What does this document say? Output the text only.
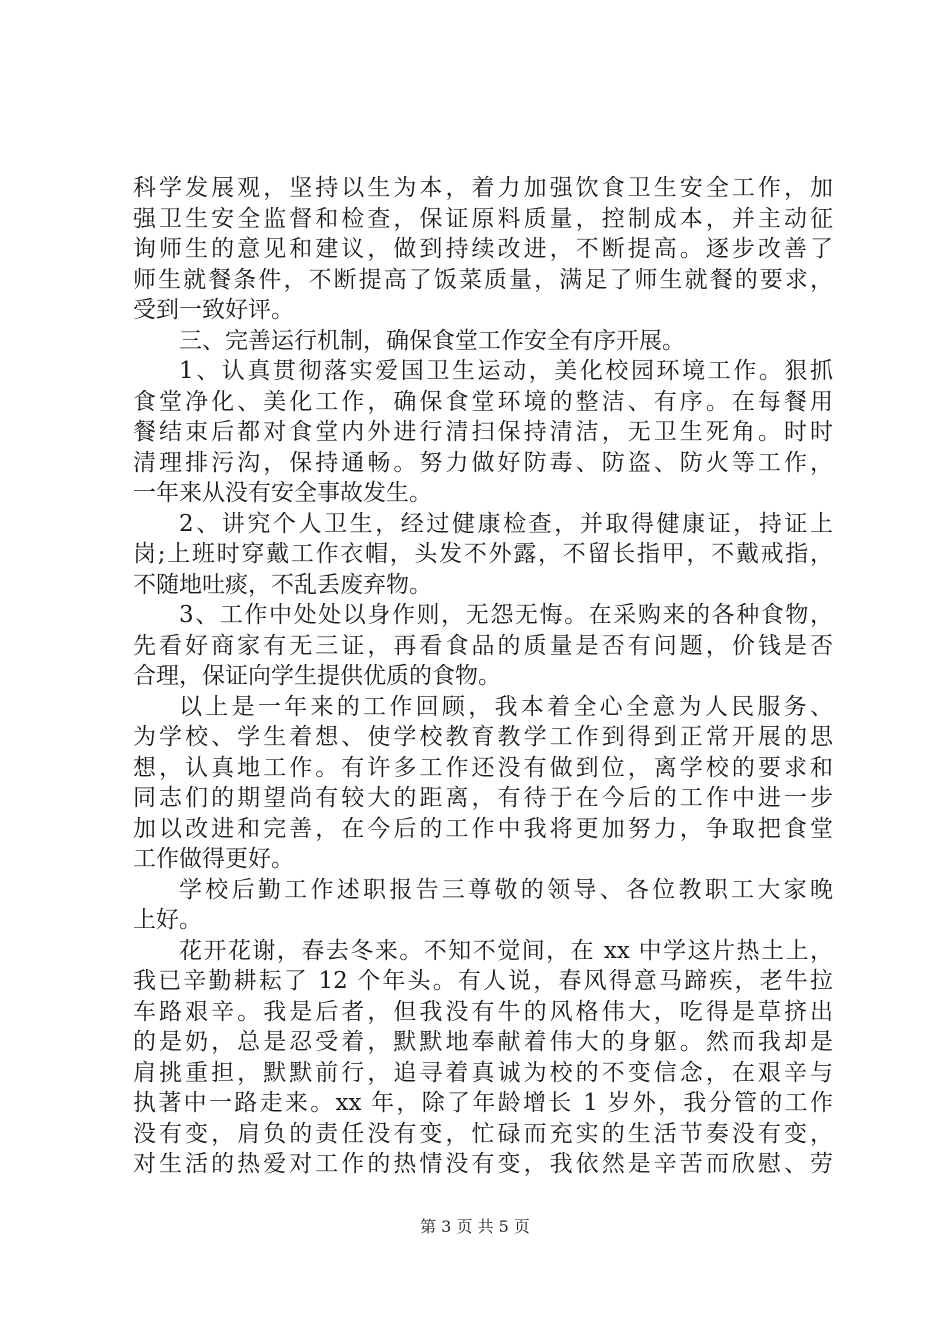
科学发展观，坚持以生为本，着力加强饮食卫生安全工作，加
强卫生安全监督和检查，保证原料质量，控制成本，并主动征
询师生的意见和建议，做到持续改进，不断提高。逐步改善了
师生就餐条件，不断提高了饭菜质量，满足了师生就餐的要求，
受到一致好评。
三、完善运行机制，确保食堂工作安全有序开展。
1、认真贯彻落实爱国卫生运动，美化校园环境工作。狠抓
食堂净化、美化工作，确保食堂环境的整洁、有序。在每餐用
餐结束后都对食堂内外进行清扫保持清洁，无卫生死角。时时
清理排污沟，保持通畅。努力做好防毒、防盗、防火等工作，
一年来从没有安全事故发生。
2、讲究个人卫生，经过健康检查，并取得健康证，持证上
岗;上班时穿戴工作衣帽，头发不外露，不留长指甲，不戴戒指，
不随地吐痰，不乱丢废弃物。
3、工作中处处以身作则，无怨无悔。在采购来的各种食物，
先看好商家有无三证，再看食品的质量是否有问题，价钱是否
合理，保证向学生提供优质的食物。
以上是一年来的工作回顾，我本着全心全意为人民服务、
为学校、学生着想、使学校教育教学工作到得到正常开展的思
想，认真地工作。有许多工作还没有做到位，离学校的要求和
同志们的期望尚有较大的距离，有待于在今后的工作中进一步
加以改进和完善，在今后的工作中我将更加努力，争取把食堂
工作做得更好。
学校后勤工作述职报告三尊敬的领导、各位教职工大家晚
上好。
花开花谢，春去冬来。不知不觉间，在 xx 中学这片热土上，
我已辛勤耕耘了 12 个年头。有人说，春风得意马蹄疾，老牛拉
车路艰辛。我是后者，但我没有牛的风格伟大，吃得是草挤出
的是奶，总是忍受着，默默地奉献着伟大的身躯。然而我却是
肩挑重担，默默前行，追寻着真诚为校的不变信念，在艰辛与
执著中一路走来。xx 年，除了年龄增长 1 岁外，我分管的工作
没有变，肩负的责任没有变，忙碌而充实的生活节奏没有变，
对生活的热爱对工作的热情没有变，我依然是辛苦而欣慰、劳
第 3 页 共 5 页
